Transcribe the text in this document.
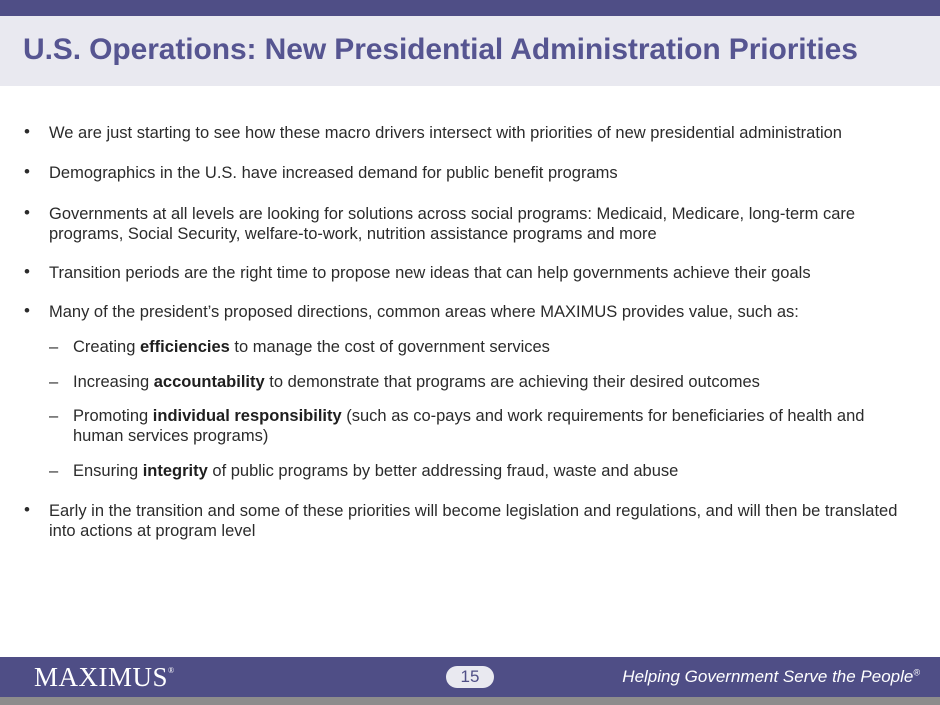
U.S. Operations: New Presidential Administration Priorities
• We are just starting to see how these macro drivers intersect with priorities of new presidential administration
• Demographics in the U.S. have increased demand for public benefit programs
• Governments at all levels are looking for solutions across social programs: Medicaid, Medicare, long-term care programs, Social Security, welfare-to-work, nutrition assistance programs and more
• Transition periods are the right time to propose new ideas that can help governments achieve their goals
• Many of the president’s proposed directions, common areas where MAXIMUS provides value, such as:
– Creating efficiencies to manage the cost of government services
– Increasing accountability to demonstrate that programs are achieving their desired outcomes
– Promoting individual responsibility (such as co-pays and work requirements for beneficiaries of health and human services programs)
– Ensuring integrity of public programs by better addressing fraud, waste and abuse
• Early in the transition and some of these priorities will become legislation and regulations, and will then be translated into actions at program level
MAXIMUS®	15	Helping Government Serve the People®
